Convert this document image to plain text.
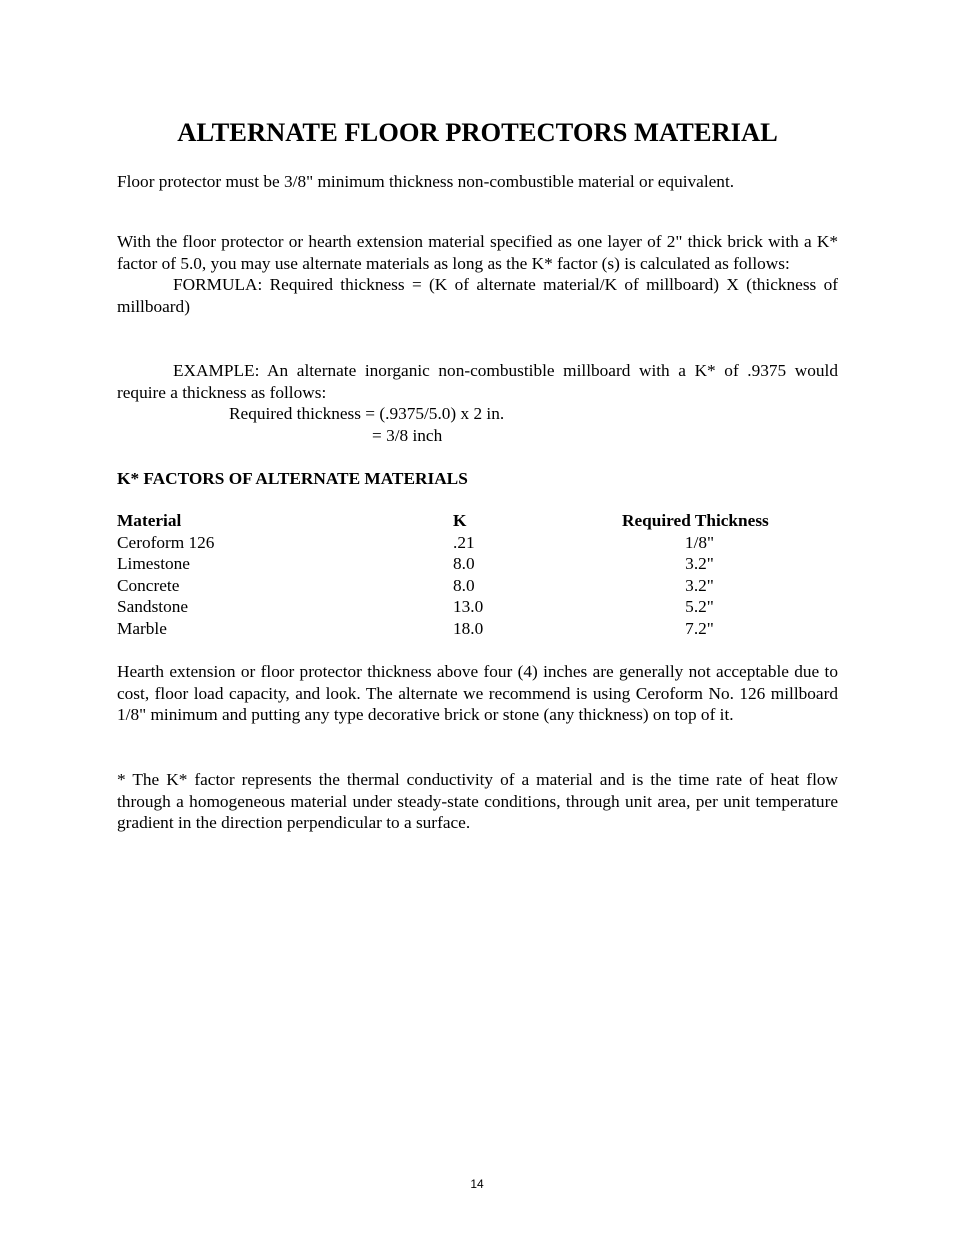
ALTERNATE FLOOR PROTECTORS MATERIAL

Floor protector must be 3/8" minimum thickness non-combustible material or equivalent.

With the floor protector or hearth extension material specified as one layer of 2" thick brick with a K* factor of 5.0, you may use alternate materials as long as the K* factor (s) is calculated as follows:

FORMULA: Required thickness = (K of alternate material/K of millboard) X (thickness of millboard)

EXAMPLE: An alternate inorganic non-combustible millboard with a K* of .9375 would require a thickness as follows:

Required thickness = (.9375/5.0) x 2 in.
= 3/8 inch
K* FACTORS OF ALTERNATE MATERIALS
Material	K	Required Thickness
Ceroform 126	.21	1/8"
Limestone	8.0	3.2"
Concrete	8.0	3.2"
Sandstone	13.0	5.2"
Marble	18.0	7.2"

Hearth extension or floor protector thickness above four (4) inches are generally not acceptable due to cost, floor load capacity, and look. The alternate we recommend is using Ceroform No. 126 millboard 1/8" minimum and putting any type decorative brick or stone (any thickness) on top of it.

* The K* factor represents the thermal conductivity of a material and is the time rate of heat flow through a homogeneous material under steady-state conditions, through unit area, per unit temperature gradient in the direction perpendicular to a surface.

14
